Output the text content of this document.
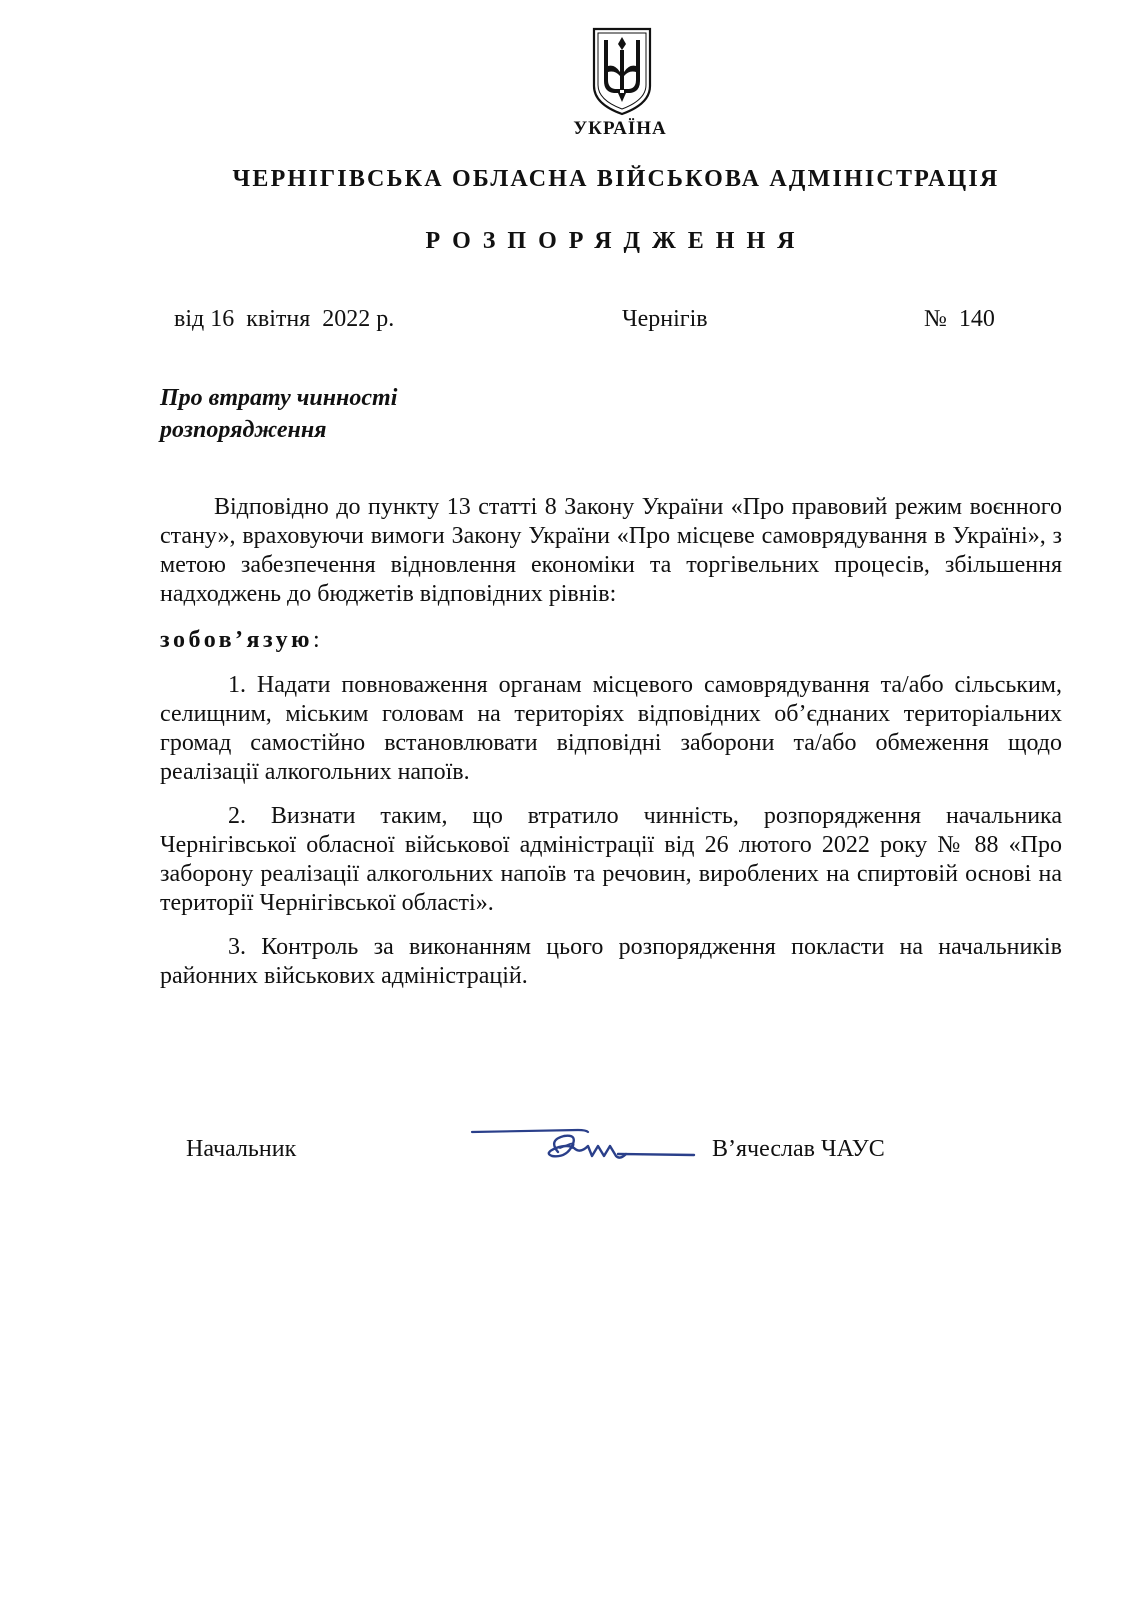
УКРАЇНА
ЧЕРНІГІВСЬКА ОБЛАСНА ВІЙСЬКОВА АДМІНІСТРАЦІЯ
РОЗПОРЯДЖЕННЯ
від 16  квітня  2022 р.	Чернігів	№  140
Про втрату чинності
розпорядження

Відповідно до пункту 13 статті 8 Закону України «Про правовий режим воєнного стану», враховуючи вимоги Закону України «Про місцеве самоврядування в Україні», з метою забезпечення відновлення економіки та торгівельних процесів, збільшення надходжень до бюджетів відповідних рівнів:

зобов’язую:

1. Надати повноваження органам місцевого самоврядування та/або сільським, селищним, міським головам на територіях відповідних об’єднаних територіальних громад самостійно встановлювати відповідні заборони та/або обмеження щодо реалізації алкогольних напоїв.

2. Визнати таким, що втратило чинність, розпорядження начальника Чернігівської обласної військової адміністрації від 26 лютого 2022 року № 88 «Про заборону реалізації алкогольних напоїв та речовин, вироблених на спиртовій основі на території Чернігівської області».

3. Контроль за виконанням цього розпорядження покласти на начальників районних військових адміністрацій.

Начальник	В’ячеслав ЧАУС
